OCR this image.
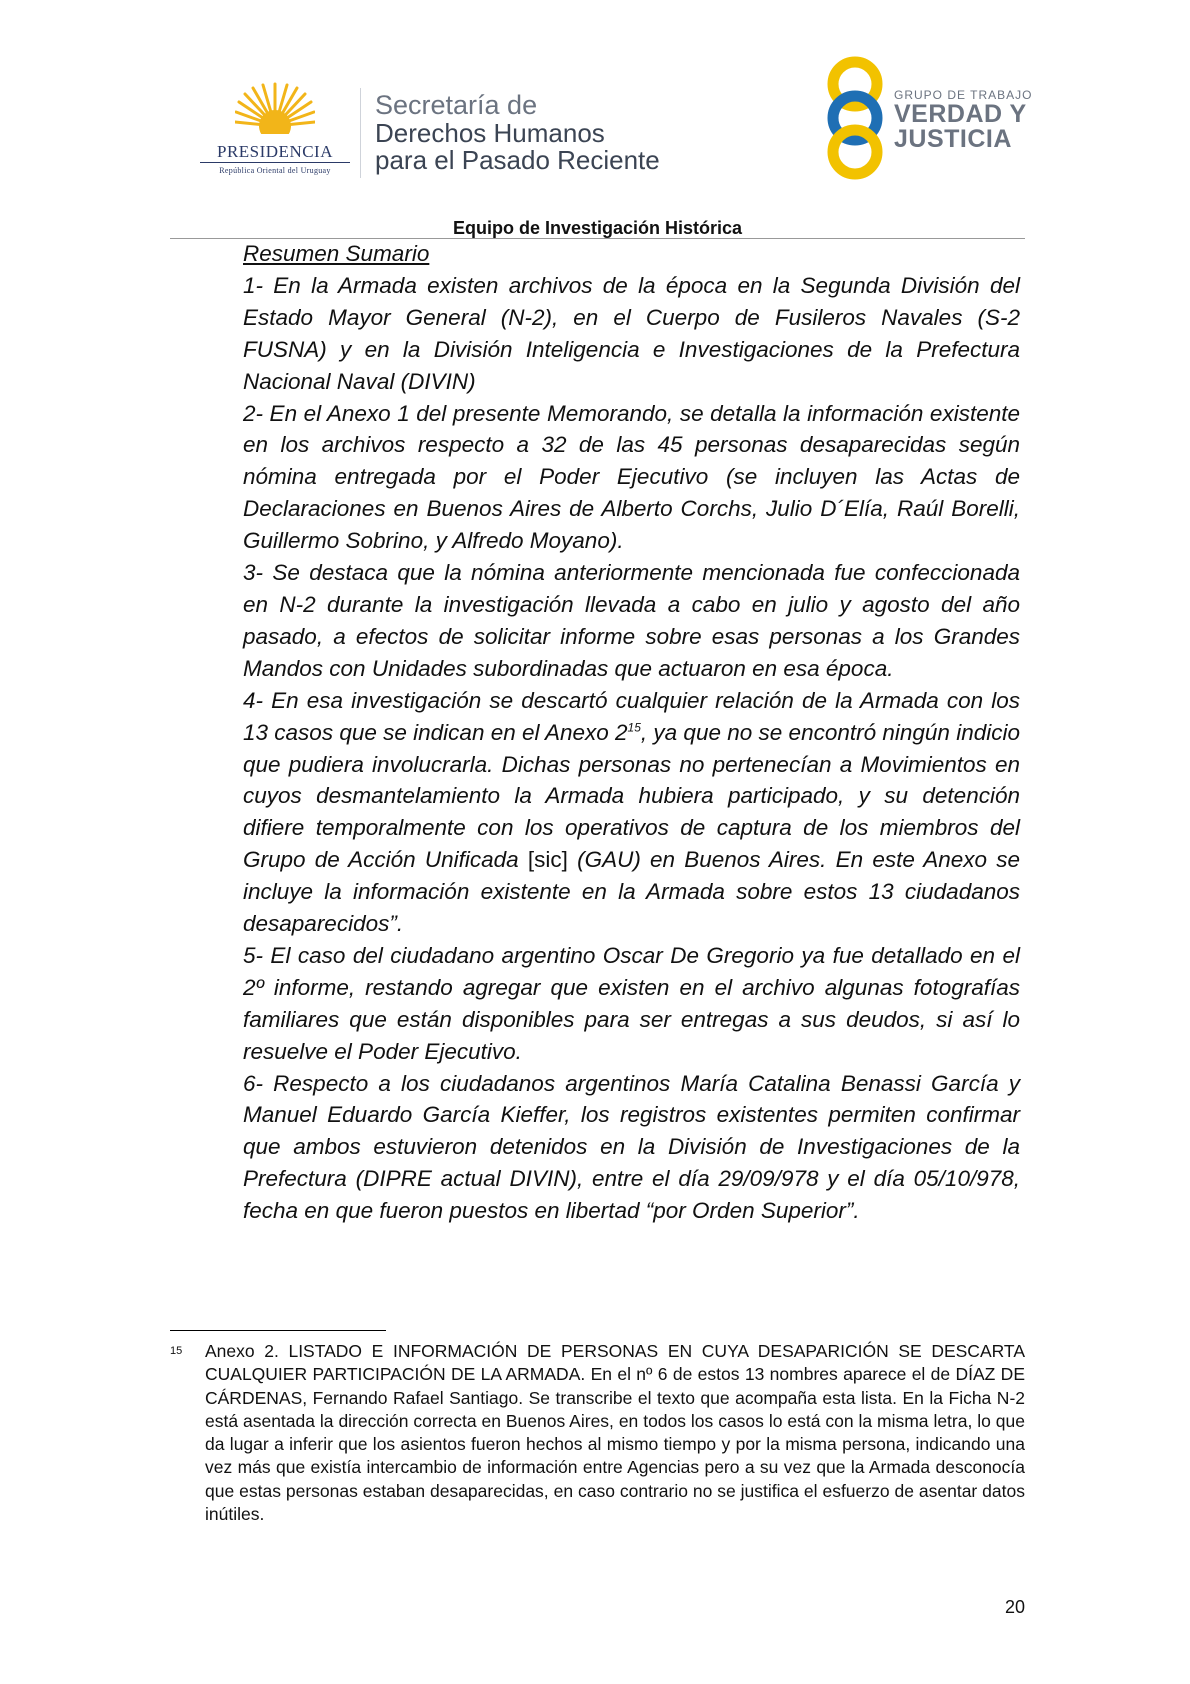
PRESIDENCIA
República Oriental del Uruguay
Secretaría de
Derechos Humanos
para el Pasado Reciente
GRUPO DE TRABAJO
VERDAD Y
JUSTICIA
Equipo de Investigación Histórica

Resumen Sumario

1- En la Armada existen archivos de la época en la Segunda División del Estado Mayor General (N-2), en el Cuerpo de Fusileros Navales (S-2 FUSNA) y en la División Inteligencia e Investigaciones de la Prefectura Nacional Naval (DIVIN)

2- En el Anexo 1 del presente Memorando, se detalla la información existente en los archivos respecto a 32 de las 45 personas desaparecidas según nómina entregada por el Poder Ejecutivo (se incluyen las Actas de Declaraciones en Buenos Aires de Alberto Corchs, Julio D´Elía, Raúl Borelli, Guillermo Sobrino, y Alfredo Moyano).

3- Se destaca que la nómina anteriormente mencionada fue confeccionada en N-2 durante la investigación llevada a cabo en julio y agosto del año pasado, a efectos de solicitar informe sobre esas personas a los Grandes Mandos con Unidades subordinadas que actuaron en esa época.

4- En esa investigación se descartó cualquier relación de la Armada con los 13 casos que se indican en el Anexo $2^{15}$, ya que no se encontró ningún indicio que pudiera involucrarla. Dichas personas no pertenecían a Movimientos en cuyos desmantelamiento la Armada hubiera participado, y su detención difiere temporalmente con los operativos de captura de los miembros del Grupo de Acción Unificada [sic] (GAU) en Buenos Aires. En este Anexo se incluye la información existente en la Armada sobre estos 13 ciudadanos desaparecidos”.

5- El caso del ciudadano argentino Oscar De Gregorio ya fue detallado en el 2º informe, restando agregar que existen en el archivo algunas fotografías familiares que están disponibles para ser entregas a sus deudos, si así lo resuelve el Poder Ejecutivo.

6- Respecto a los ciudadanos argentinos María Catalina Benassi García y Manuel Eduardo García Kieffer, los registros existentes permiten confirmar que ambos estuvieron detenidos en la División de Investigaciones de la Prefectura (DIPRE actual DIVIN), entre el día 29/09/978 y el día 05/10/978, fecha en que fueron puestos en libertad “por Orden Superior”.

15 Anexo 2. LISTADO E INFORMACIÓN DE PERSONAS EN CUYA DESAPARICIÓN SE DESCARTA CUALQUIER PARTICIPACIÓN DE LA ARMADA. En el nº 6 de estos 13 nombres aparece el de DÍAZ DE CÁRDENAS, Fernando Rafael Santiago. Se transcribe el texto que acompaña esta lista. En la Ficha N-2 está asentada la dirección correcta en Buenos Aires, en todos los casos lo está con la misma letra, lo que da lugar a inferir que los asientos fueron hechos al mismo tiempo y por la misma persona, indicando una vez más que existía intercambio de información entre Agencias pero a su vez que la Armada desconocía que estas personas estaban desaparecidas, en caso contrario no se justifica el esfuerzo de asentar datos inútiles.
20
